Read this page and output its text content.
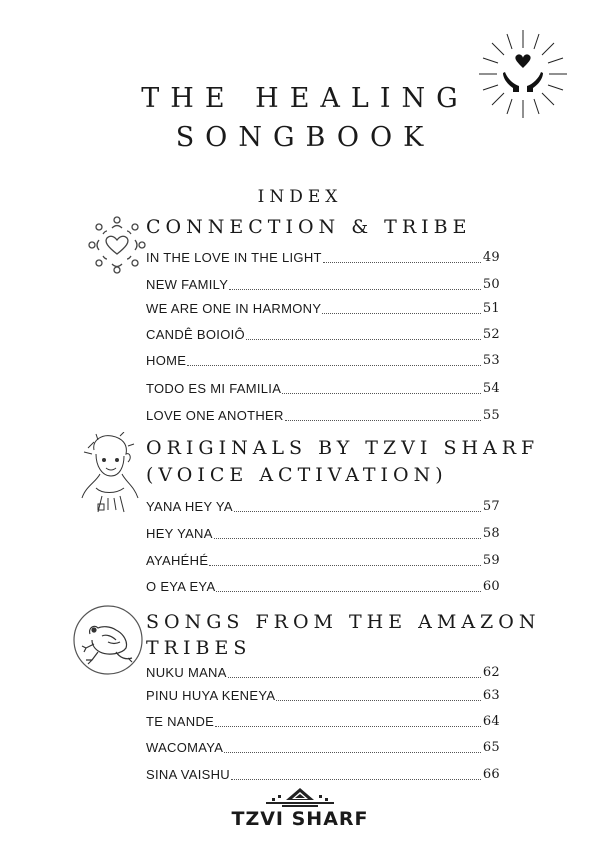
THE HEALING
SONGBOOK
INDEX
CONNECTION & TRIBE
IN THE LOVE IN THE LIGHT	49
NEW FAMILY	50
WE ARE ONE IN HARMONY	51
CANDÊ BOIOIÔ	52
HOME	53
TODO ES MI FAMILIA	54
LOVE ONE ANOTHER	55
ORIGINALS BY TZVI SHARF
(VOICE ACTIVATION)
YANA HEY YA	57
HEY YANA	58
AYAHÉHÉ	59
O EYA EYA	60
SONGS FROM THE AMAZON
TRIBES
NUKU MANA	62
PINU HUYA KENEYA	63
TE NANDE	64
WACOMAYA	65
SINA VAISHU	66
TZVI SHARF
